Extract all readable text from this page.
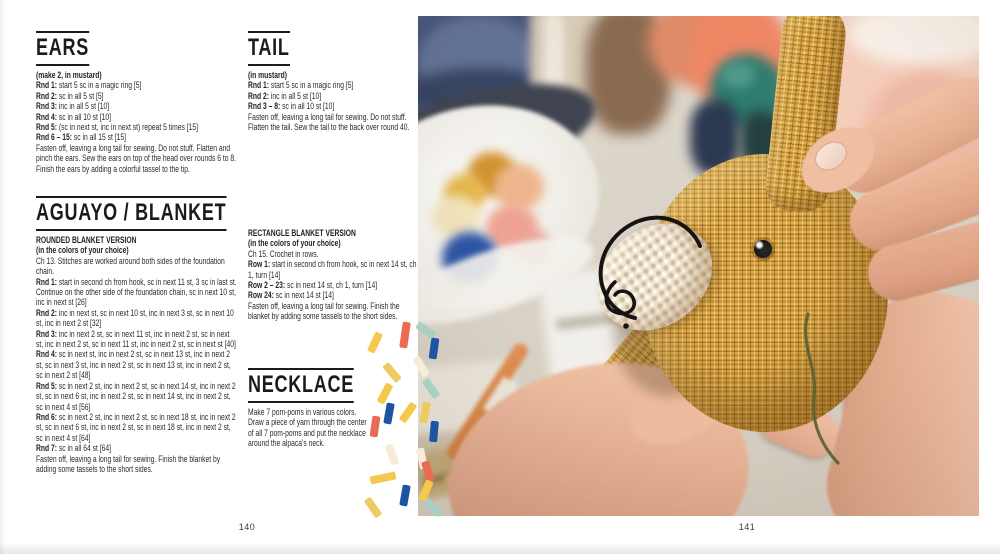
EARS

(make 2, in mustard)

Rnd 1: start 5 sc in a magic ring [5]
Rnd 2: sc in all 5 st [5]
Rnd 3: inc in all 5 st [10]
Rnd 4: sc in all 10 st [10]
Rnd 5: (sc in next st, inc in next st) repeat 5 times [15]
Rnd 6 – 15: sc in all 15 st [15]

Fasten off, leaving a long tail for sewing. Do not stuff. Flatten and pinch the ears. Sew the ears on top of the head over rounds 6 to 8. Finish the ears by adding a colorful tassel to the tip.

AGUAYO / BLANKET

ROUNDED BLANKET VERSION

(in the colors of your choice)

Ch 13. Stitches are worked around both sides of the foundation chain.

Rnd 1: start in second ch from hook, sc in next 11 st, 3 sc in last st. Continue on the other side of the foundation chain, sc in next 10 st, inc in next st [26]
Rnd 2: inc in next st, sc in next 10 st, inc in next 3 st, sc in next 10 st, inc in next 2 st [32]
Rnd 3: inc in next 2 st, sc in next 11 st, inc in next 2 st, sc in next st, inc in next 2 st, sc in next 11 st, inc in next 2 st, sc in next st [40]
Rnd 4: sc in next st, inc in next 2 st, sc in next 13 st, inc in next 2 st, sc in next 3 st, inc in next 2 st, sc in next 13 st, inc in next 2 st, sc in next 2 st [48]
Rnd 5: sc in next 2 st, inc in next 2 st, sc in next 14 st, inc in next 2 st, sc in next 6 st, inc in next 2 st, sc in next 14 st, inc in next 2 st, sc in next 4 st [56]
Rnd 6: sc in next 2 st, inc in next 2 st, sc in next 18 st, inc in next 2 st, sc in next 6 st, inc in next 2 st, sc in next 18 st, inc in next 2 st, sc in next 4 st [64]
Rnd 7: sc in all 64 st [64]

Fasten off, leaving a long tail for sewing. Finish the blanket by adding some tassels to the short sides.

TAIL

(in mustard)

Rnd 1: start 5 sc in a magic ring [5]
Rnd 2: inc in all 5 st [10]
Rnd 3 – 8: sc in all 10 st [10]

Fasten off, leaving a long tail for sewing. Do not stuff. Flatten the tail. Sew the tail to the back over round 40.

RECTANGLE BLANKET VERSION

(in the colors of your choice)

Ch 15. Crochet in rows.

Row 1: start in second ch from hook, sc in next 14 st, ch 1, turn [14]
Row 2 – 23: sc in next 14 st, ch 1, turn [14]
Row 24: sc in next 14 st [14]

Fasten off, leaving a long tail for sewing. Finish the blanket by adding some tassels to the short sides.

NECKLACE

Make 7 pom-poms in various colors. Draw a piece of yarn through the center of all 7 pom-poms and put the necklace around the alpaca's neck.

140	141
